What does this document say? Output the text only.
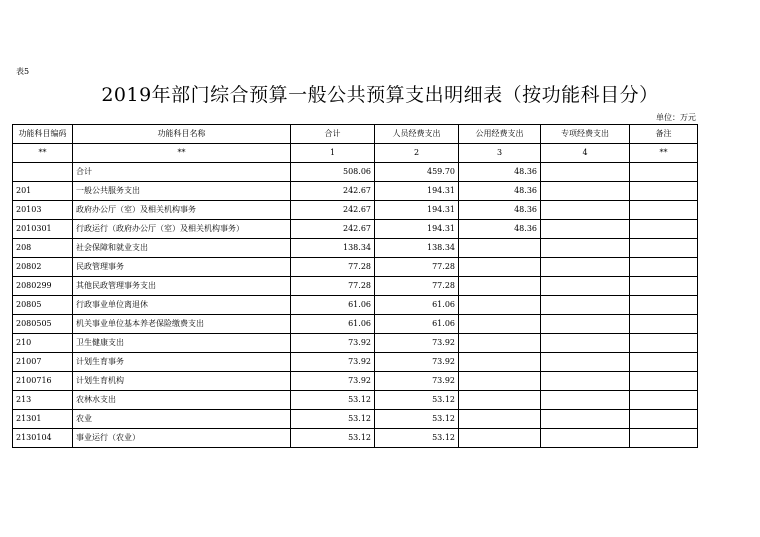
表5
2019年部门综合预算一般公共预算支出明细表（按功能科目分）
单位：万元
功能科目编码	功能科目名称	合计	人员经费支出	公用经费支出	专项经费支出	备注
**	**	1	2	3	4	**
	合计	508.06	459.70	48.36		
201	一般公共服务支出	242.67	194.31	48.36		
20103	政府办公厅（室）及相关机构事务	242.67	194.31	48.36		
2010301	行政运行（政府办公厅（室）及相关机构事务）	242.67	194.31	48.36		
208	社会保障和就业支出	138.34	138.34			
20802	民政管理事务	77.28	77.28			
2080299	其他民政管理事务支出	77.28	77.28			
20805	行政事业单位离退休	61.06	61.06			
2080505	机关事业单位基本养老保险缴费支出	61.06	61.06			
210	卫生健康支出	73.92	73.92			
21007	计划生育事务	73.92	73.92			
2100716	计划生育机构	73.92	73.92			
213	农林水支出	53.12	53.12			
21301	农业	53.12	53.12			
2130104	事业运行（农业）	53.12	53.12			
